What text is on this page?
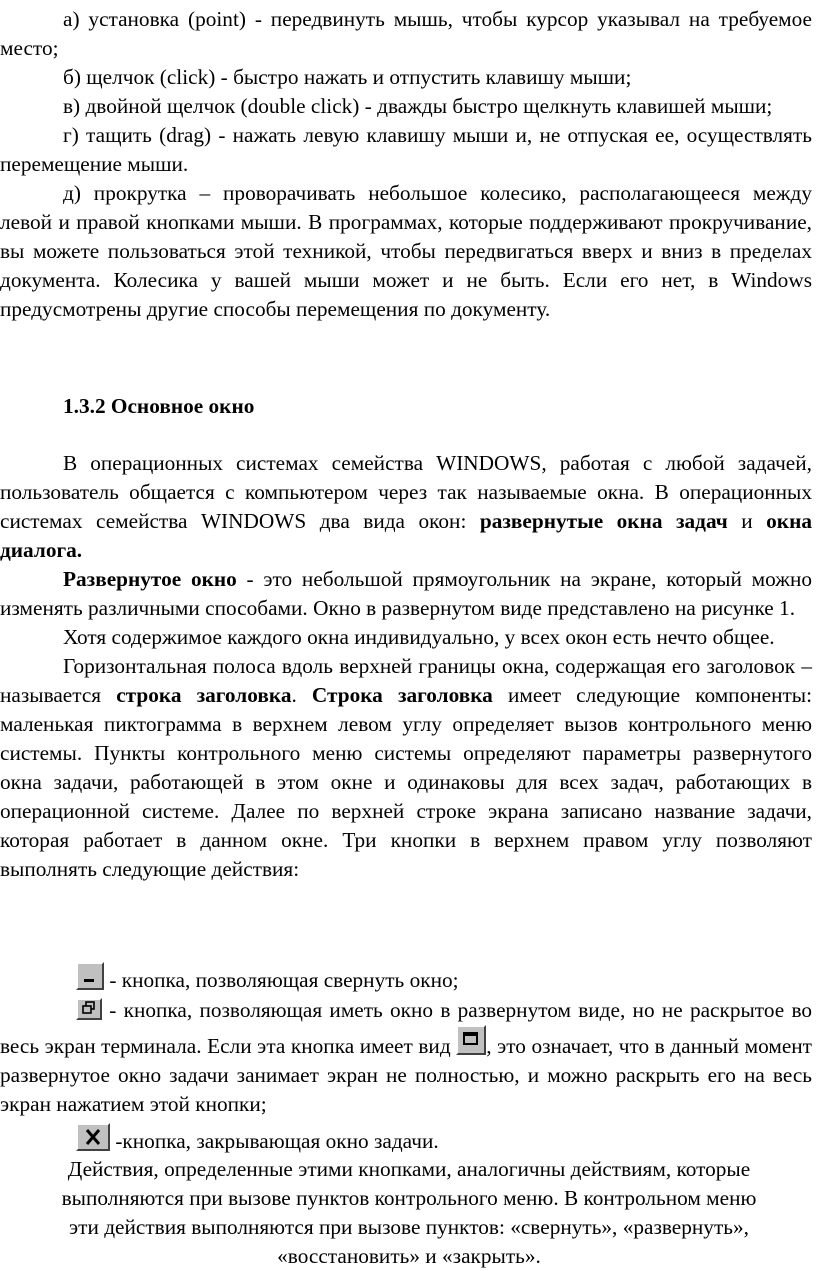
а) установка (point) - передвинуть мышь, чтобы курсор указывал на требуемое место;

б) щелчок (click) - быстро нажать и отпустить клавишу мыши;

в) двойной щелчок (double click) - дважды быстро щелкнуть клавишей мыши;

г) тащить (drag) - нажать левую клавишу мыши и, не отпуская ее, осуществлять перемещение мыши.

д) прокрутка – проворачивать небольшое колесико, располагающееся между левой и правой кнопками мыши. В программах, которые поддерживают прокручивание, вы можете пользоваться этой техникой, чтобы передвигаться вверх и вниз в пределах документа. Колесика у вашей мыши может и не быть. Если его нет, в Windows предусмотрены другие способы перемещения по документу.

1.3.2 Основное окно

В операционных системах семейства WINDOWS, работая с любой задачей, пользователь общается с компьютером через так называемые окна. В операционных системах семейства WINDOWS два вида окон: развернутые окна задач и окна диалога.

Развернутое окно - это небольшой прямоугольник на экране, который можно изменять различными способами. Окно в развернутом виде представлено на рисунке 1.

Хотя содержимое каждого окна индивидуально, у всех окон есть нечто общее.

Горизонтальная полоса вдоль верхней границы окна, содержащая его заголовок – называется строка заголовка. Строка заголовка имеет следующие компоненты: маленькая пиктограмма в верхнем левом углу определяет вызов контрольного меню системы. Пункты контрольного меню системы определяют параметры развернутого окна задачи, работающей в этом окне и одинаковы для всех задач, работающих в операционной системе. Далее по верхней строке экрана записано название задачи, которая работает в данном окне. Три кнопки в верхнем правом углу позволяют выполнять следующие действия:

- кнопка, позволяющая свернуть окно;

- кнопка, позволяющая иметь окно в развернутом виде, но не раскрытое во весь экран терминала. Если эта кнопка имеет вид
, это означает, что в данный момент развернутое окно задачи занимает экран не полностью, и можно раскрыть его на весь экран нажатием этой кнопки;

-кнопка, закрывающая окно задачи.

Действия, определенные этими кнопками, аналогичны действиям, которые выполняются при вызове пунктов контрольного меню. В контрольном меню эти действия выполняются при вызове пунктов: «свернуть», «развернуть», «восстановить» и «закрыть».
